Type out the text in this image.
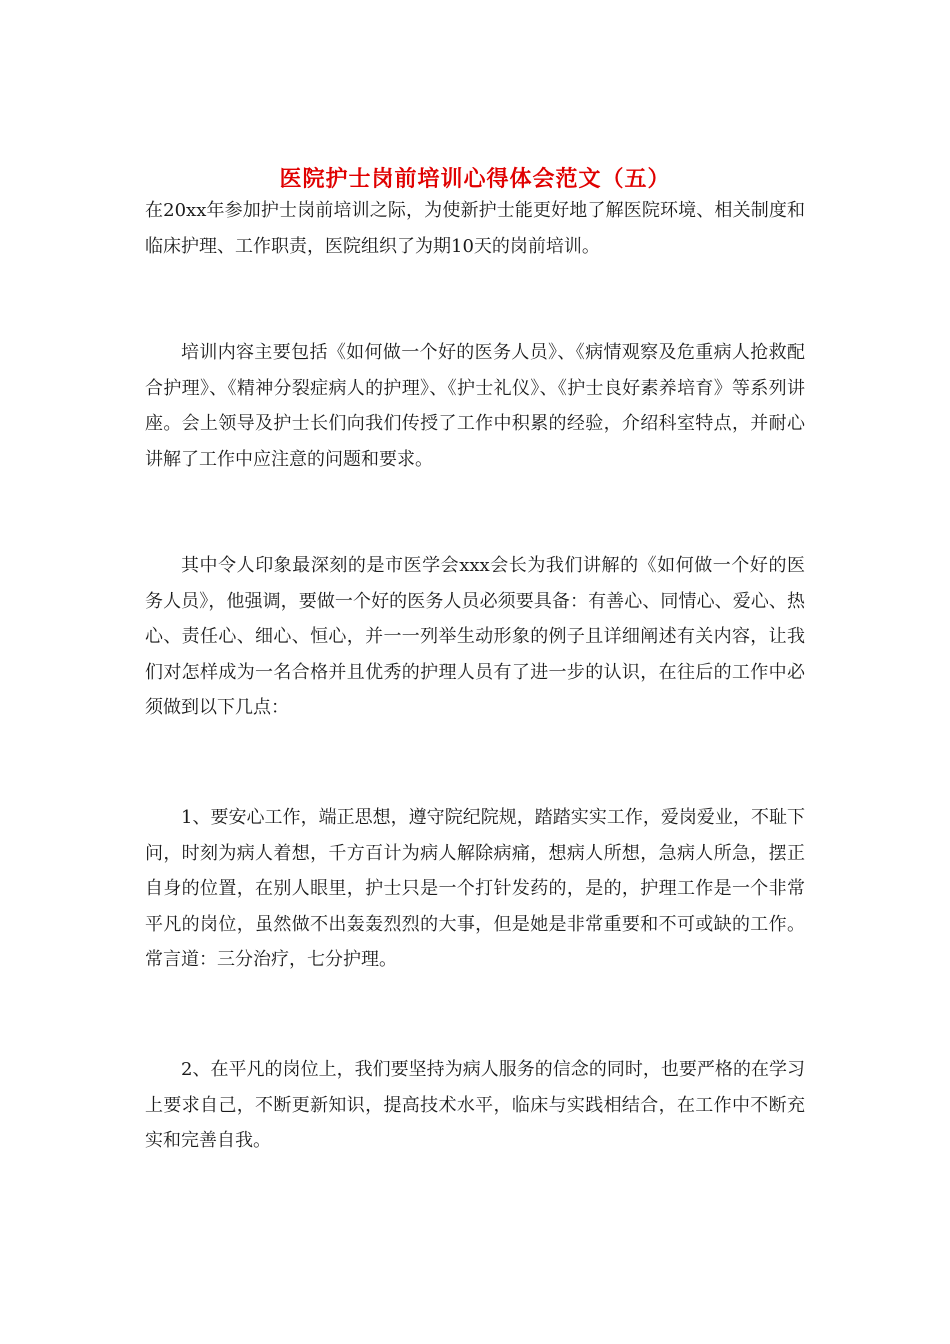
医院护士岗前培训心得体会范文（五）

在20xx年参加护士岗前培训之际，为使新护士能更好地了解医院环境、相关制度和临床护理、工作职责，医院组织了为期10天的岗前培训。

培训内容主要包括《如何做一个好的医务人员》、《病情观察及危重病人抢救配合护理》、《精神分裂症病人的护理》、《护士礼仪》、《护士良好素养培育》等系列讲座。会上领导及护士长们向我们传授了工作中积累的经验，介绍科室特点，并耐心讲解了工作中应注意的问题和要求。

其中令人印象最深刻的是市医学会xxx会长为我们讲解的《如何做一个好的医务人员》，他强调，要做一个好的医务人员必须要具备：有善心、同情心、爱心、热心、责任心、细心、恒心，并一一列举生动形象的例子且详细阐述有关内容，让我们对怎样成为一名合格并且优秀的护理人员有了进一步的认识，在往后的工作中必须做到以下几点：

1、要安心工作，端正思想，遵守院纪院规，踏踏实实工作，爱岗爱业，不耻下问，时刻为病人着想，千方百计为病人解除病痛，想病人所想，急病人所急，摆正自身的位置，在别人眼里，护士只是一个打针发药的，是的，护理工作是一个非常平凡的岗位，虽然做不出轰轰烈烈的大事，但是她是非常重要和不可或缺的工作。常言道：三分治疗，七分护理。

2、在平凡的岗位上，我们要坚持为病人服务的信念的同时，也要严格的在学习上要求自己，不断更新知识，提高技术水平，临床与实践相结合，在工作中不断充实和完善自我。
